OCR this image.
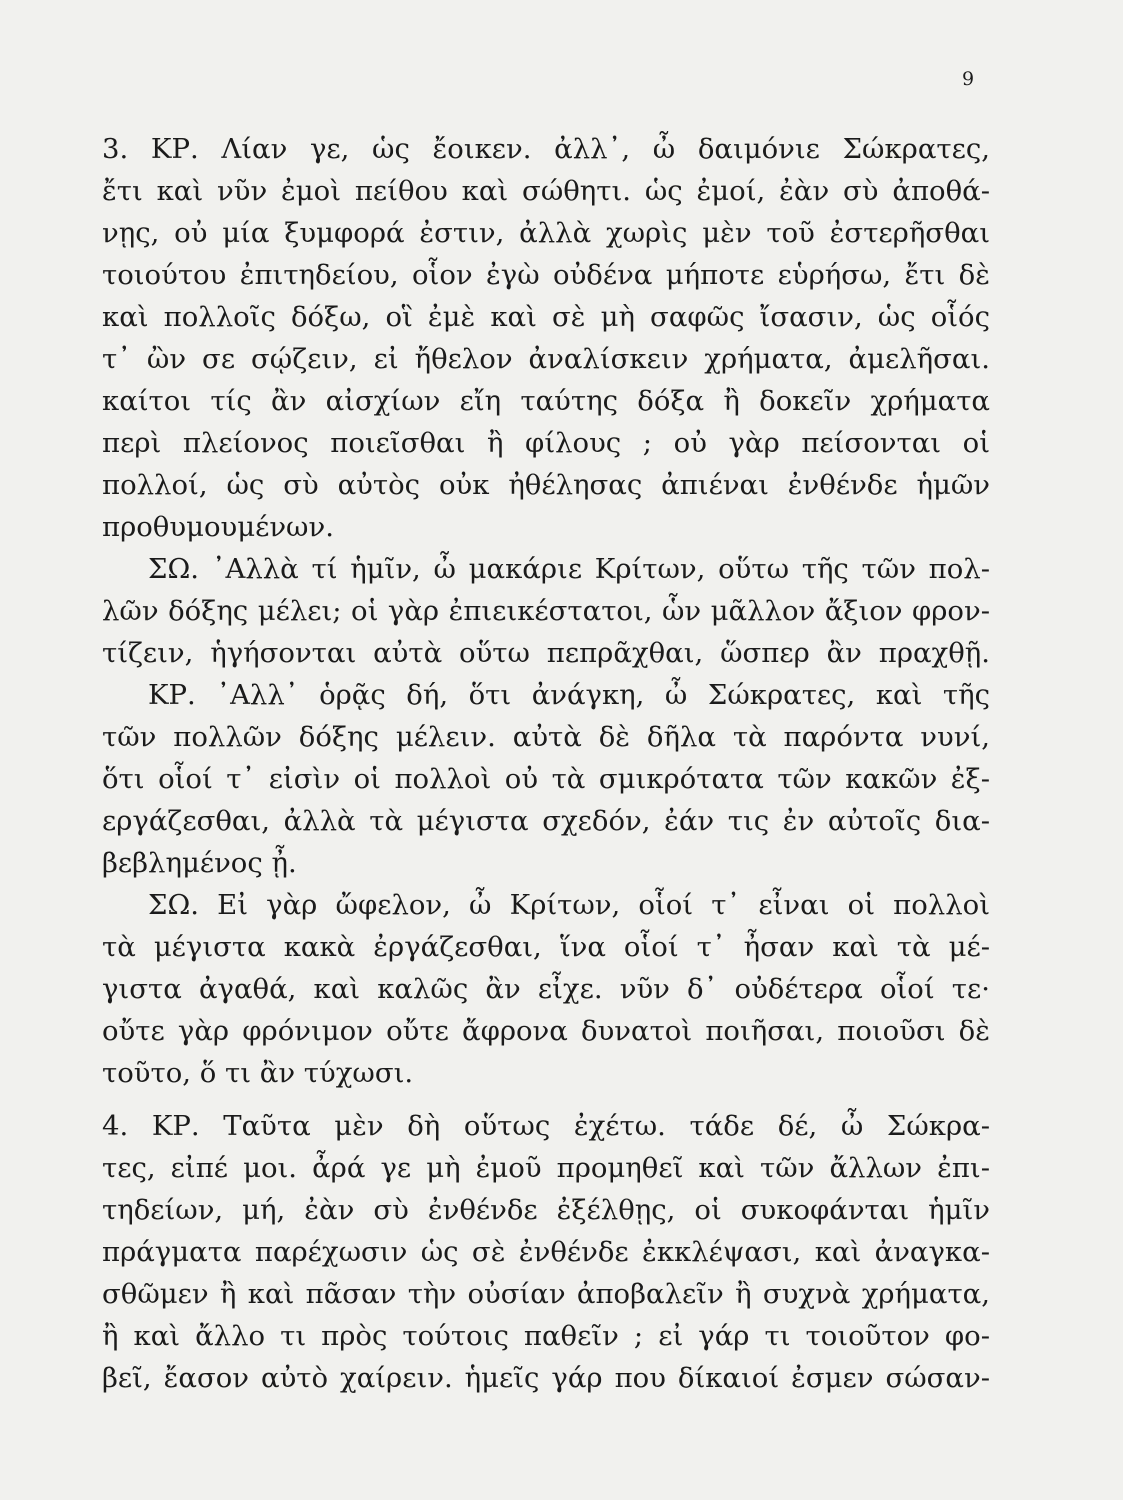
9
3. ΚΡ. Λίαν γε, ὡς ἔοικεν. ἀλλ᾽, ὦ δαιμόνιε Σώκρατες,
ἔτι καὶ νῦν ἐμοὶ πείθου καὶ σώθητι. ὡς ἐμοί, ἐὰν σὺ ἀποθά-
νῃς, οὐ μία ξυμφορά ἐστιν, ἀλλὰ χωρὶς μὲν τοῦ ἐστερῆσθαι
τοιούτου ἐπιτηδείου, οἷον ἐγὼ οὐδένα μήποτε εὑρήσω, ἔτι δὲ
καὶ πολλοῖς δόξω, οἳ ἐμὲ καὶ σὲ μὴ σαφῶς ἴσασιν, ὡς οἷός
τ᾽ ὢν σε σῴζειν, εἰ ἤθελον ἀναλίσκειν χρήματα, ἀμελῆσαι.
καίτοι τίς ἂν αἰσχίων εἴη ταύτης δόξα ἢ δοκεῖν χρήματα
περὶ πλείονος ποιεῖσθαι ἢ φίλους ; οὐ γὰρ πείσονται οἱ
πολλοί, ὡς σὺ αὐτὸς οὐκ ἠθέλησας ἀπιέναι ἐνθένδε ἡμῶν
προθυμουμένων.
ΣΩ. ᾿Αλλὰ τί ἡμῖν, ὦ μακάριε Κρίτων, οὕτω τῆς τῶν πολ-
λῶν δόξης μέλει; οἱ γὰρ ἐπιεικέστατοι, ὧν μᾶλλον ἄξιον φρον-
τίζειν, ἡγήσονται αὐτὰ οὕτω πεπρᾶχθαι, ὥσπερ ἂν πραχθῇ.
ΚΡ. ᾿Αλλ᾽ ὁρᾷς δή, ὅτι ἀνάγκη, ὦ Σώκρατες, καὶ τῆς
τῶν πολλῶν δόξης μέλειν. αὐτὰ δὲ δῆλα τὰ παρόντα νυνί,
ὅτι οἷοί τ᾽ εἰσὶν οἱ πολλοὶ οὐ τὰ σμικρότατα τῶν κακῶν ἐξ-
εργάζεσθαι, ἀλλὰ τὰ μέγιστα σχεδόν, ἐάν τις ἐν αὐτοῖς δια-
βεβλημένος ᾖ.
ΣΩ. Εἰ γὰρ ὤφελον, ὦ Κρίτων, οἷοί τ᾽ εἶναι οἱ πολλοὶ
τὰ μέγιστα κακὰ ἐργάζεσθαι, ἵνα οἷοί τ᾽ ἦσαν καὶ τὰ μέ-
γιστα ἀγαθά, καὶ καλῶς ἂν εἶχε. νῦν δ᾽ οὐδέτερα οἷοί τε·
οὔτε γὰρ φρόνιμον οὔτε ἄφρονα δυνατοὶ ποιῆσαι, ποιοῦσι δὲ
τοῦτο, ὅ τι ἂν τύχωσι.
4. ΚΡ. Ταῦτα μὲν δὴ οὕτως ἐχέτω. τάδε δέ, ὦ Σώκρα-
τες, εἰπέ μοι. ἆρά γε μὴ ἐμοῦ προμηθεῖ καὶ τῶν ἄλλων ἐπι-
τηδείων, μή, ἐὰν σὺ ἐνθένδε ἐξέλθῃς, οἱ συκοφάνται ἡμῖν
πράγματα παρέχωσιν ὡς σὲ ἐνθένδε ἐκκλέψασι, καὶ ἀναγκα-
σθῶμεν ἢ καὶ πᾶσαν τὴν οὐσίαν ἀποβαλεῖν ἢ συχνὰ χρήματα,
ἢ καὶ ἄλλο τι πρὸς τούτοις παθεῖν ; εἰ γάρ τι τοιοῦτον φο-
βεῖ, ἔασον αὐτὸ χαίρειν. ἡμεῖς γάρ που δίκαιοί ἐσμεν σώσαν-
